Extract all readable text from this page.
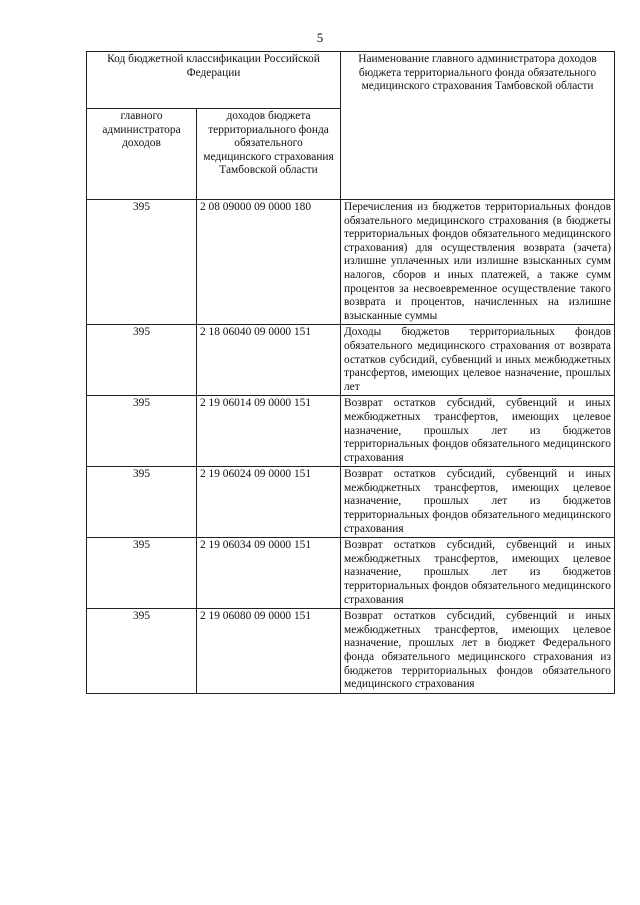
5
Код бюджетной классификации Российской Федерации		Наименование главного администратора доходов бюджета территориального фонда обязательного медицинского страхования Тамбовской области
главного администратора доходов	доходов бюджета территориального фонда обязательного медицинского страхования Тамбовской области	
395	2 08 09000 09 0000 180	Перечисления из бюджетов территориальных фондов обязательного медицинского страхования (в бюджеты территориальных фондов обязательного медицинского страхования) для осуществления возврата (зачета) излишне уплаченных или излишне взысканных сумм налогов, сборов и иных платежей, а также сумм процентов за несвоевременное осуществление такого возврата и процентов, начисленных на излишне взысканные суммы
395	2 18 06040 09 0000 151	Доходы бюджетов территориальных фондов обязательного медицинского страхования от возврата остатков субсидий, субвенций и иных межбюджетных трансфертов, имеющих целевое назначение, прошлых лет
395	2 19 06014 09 0000 151	Возврат остатков субсидий, субвенций и иных межбюджетных трансфертов, имеющих целевое назначение, прошлых лет из бюджетов территориальных фондов обязательного медицинского страхования
395	2 19 06024 09 0000 151	Возврат остатков субсидий, субвенций и иных межбюджетных трансфертов, имеющих целевое назначение, прошлых лет из бюджетов территориальных фондов обязательного медицинского страхования
395	2 19 06034 09 0000 151	Возврат остатков субсидий, субвенций и иных межбюджетных трансфертов, имеющих целевое назначение, прошлых лет из бюджетов территориальных фондов обязательного медицинского страхования
395	2 19 06080 09 0000 151	Возврат остатков субсидий, субвенций и иных межбюджетных трансфертов, имеющих целевое назначение, прошлых лет в бюджет Федерального фонда обязательного медицинского страхования из бюджетов территориальных фондов обязательного медицинского страхования
